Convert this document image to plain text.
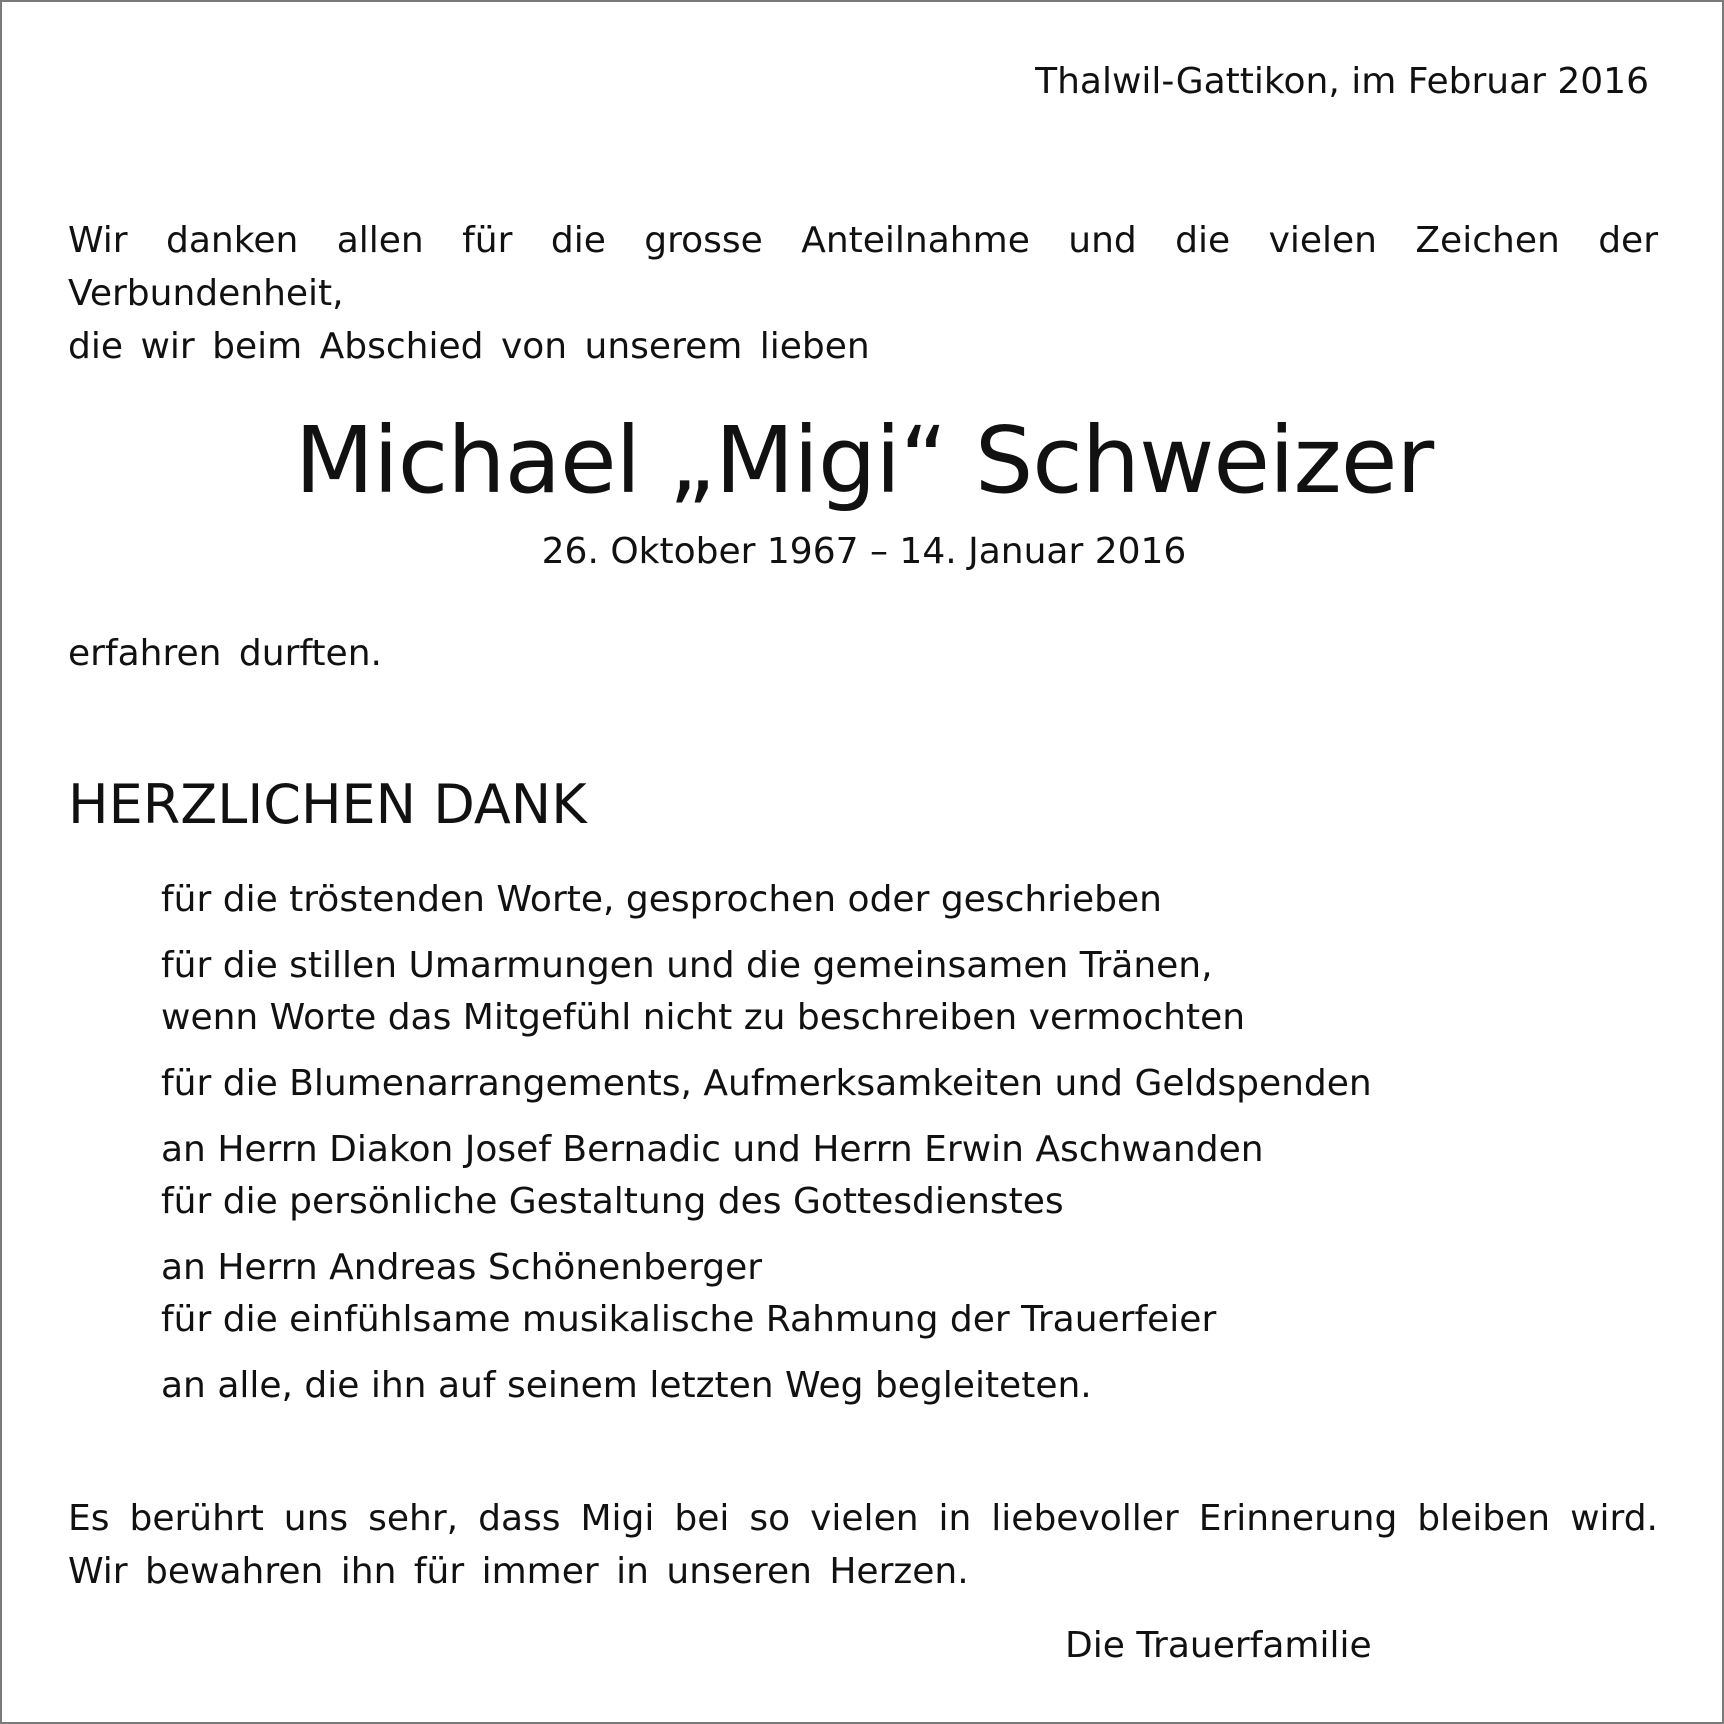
Thalwil-Gattikon, im Februar 2016
Wir danken allen für die grosse Anteilnahme und die vielen Zeichen der Verbundenheit,
die wir beim Abschied von unserem lieben
Michael „Migi“ Schweizer
26. Oktober 1967 – 14. Januar 2016
erfahren durften.
HERZLICHEN DANK
für die tröstenden Worte, gesprochen oder geschrieben
für die stillen Umarmungen und die gemeinsamen Tränen,
wenn Worte das Mitgefühl nicht zu beschreiben vermochten
für die Blumenarrangements, Aufmerksamkeiten und Geldspenden
an Herrn Diakon Josef Bernadic und Herrn Erwin Aschwanden
für die persönliche Gestaltung des Gottesdienstes
an Herrn Andreas Schönenberger
für die einfühlsame musikalische Rahmung der Trauerfeier
an alle, die ihn auf seinem letzten Weg begleiteten.
Es berührt uns sehr, dass Migi bei so vielen in liebevoller Erinnerung bleiben wird.
Wir bewahren ihn für immer in unseren Herzen.
Die Trauerfamilie
